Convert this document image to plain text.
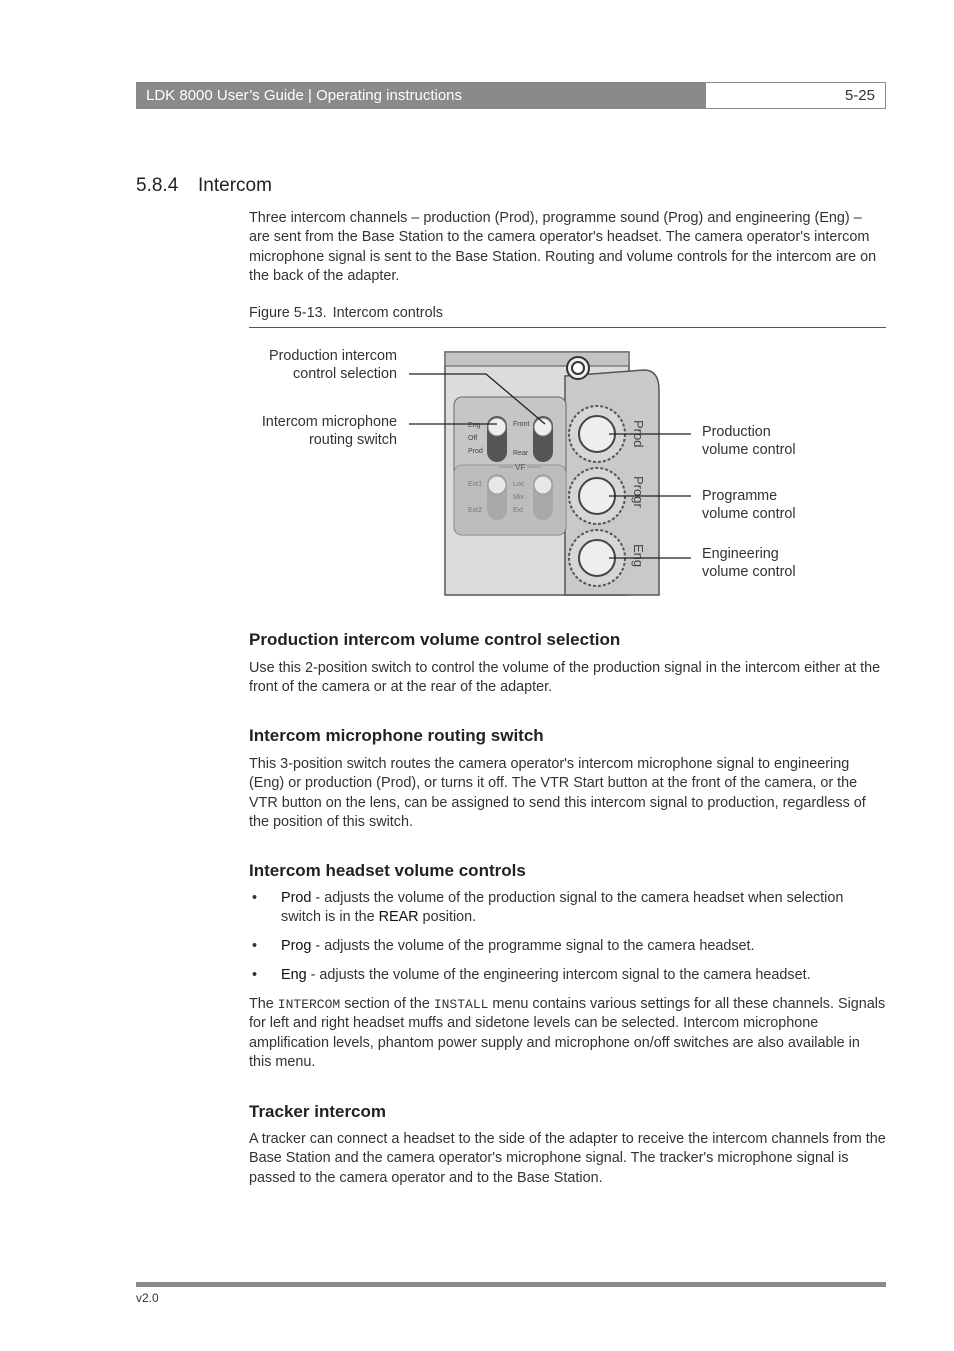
LDK 8000 User’s Guide | Operating instructions	5-25
5.8.4 Intercom

Three intercom channels – production (Prod), programme sound (Prog) and engineering (Eng) – are sent from the Base Station to the camera operator's headset. The camera operator's intercom microphone signal is sent to the Base Station. Routing and volume controls for the intercom are on the back of the adapter.

Figure 5-13. Intercom controls
Eng
Off
Prod
Front
Rear
VF
Ext1
Ext2
Loc
Mix
Ext
Prod
Progr
Eng

Production intercom
control selection

Intercom microphone
routing switch	Production
volume control

Programme
volume control

Engineering
volume control

Production intercom volume control selection

Use this 2-position switch to control the volume of the production signal in the intercom either at the front of the camera or at the rear of the adapter.

Intercom microphone routing switch

This 3-position switch routes the camera operator's intercom microphone signal to engineering (Eng) or production (Prod), or turns it off. The VTR Start button at the front of the camera, or the VTR button on the lens, can be assigned to send this intercom signal to production, regardless of the position of this switch.

Intercom headset volume controls
• Prod - adjusts the volume of the production signal to the camera headset when selection switch is in the REAR position.
• Prog - adjusts the volume of the programme signal to the camera headset.
• Eng - adjusts the volume of the engineering intercom signal to the camera headset.

The INTERCOM section of the INSTALL menu contains various settings for all these channels. Signals for left and right headset muffs and sidetone levels can be selected. Intercom microphone amplification levels, phantom power supply and microphone on/off switches are also available in this menu.

Tracker intercom

A tracker can connect a headset to the side of the adapter to receive the intercom channels from the Base Station and the camera operator's microphone signal. The tracker's microphone signal is passed to the camera operator and to the Base Station.

v2.0
